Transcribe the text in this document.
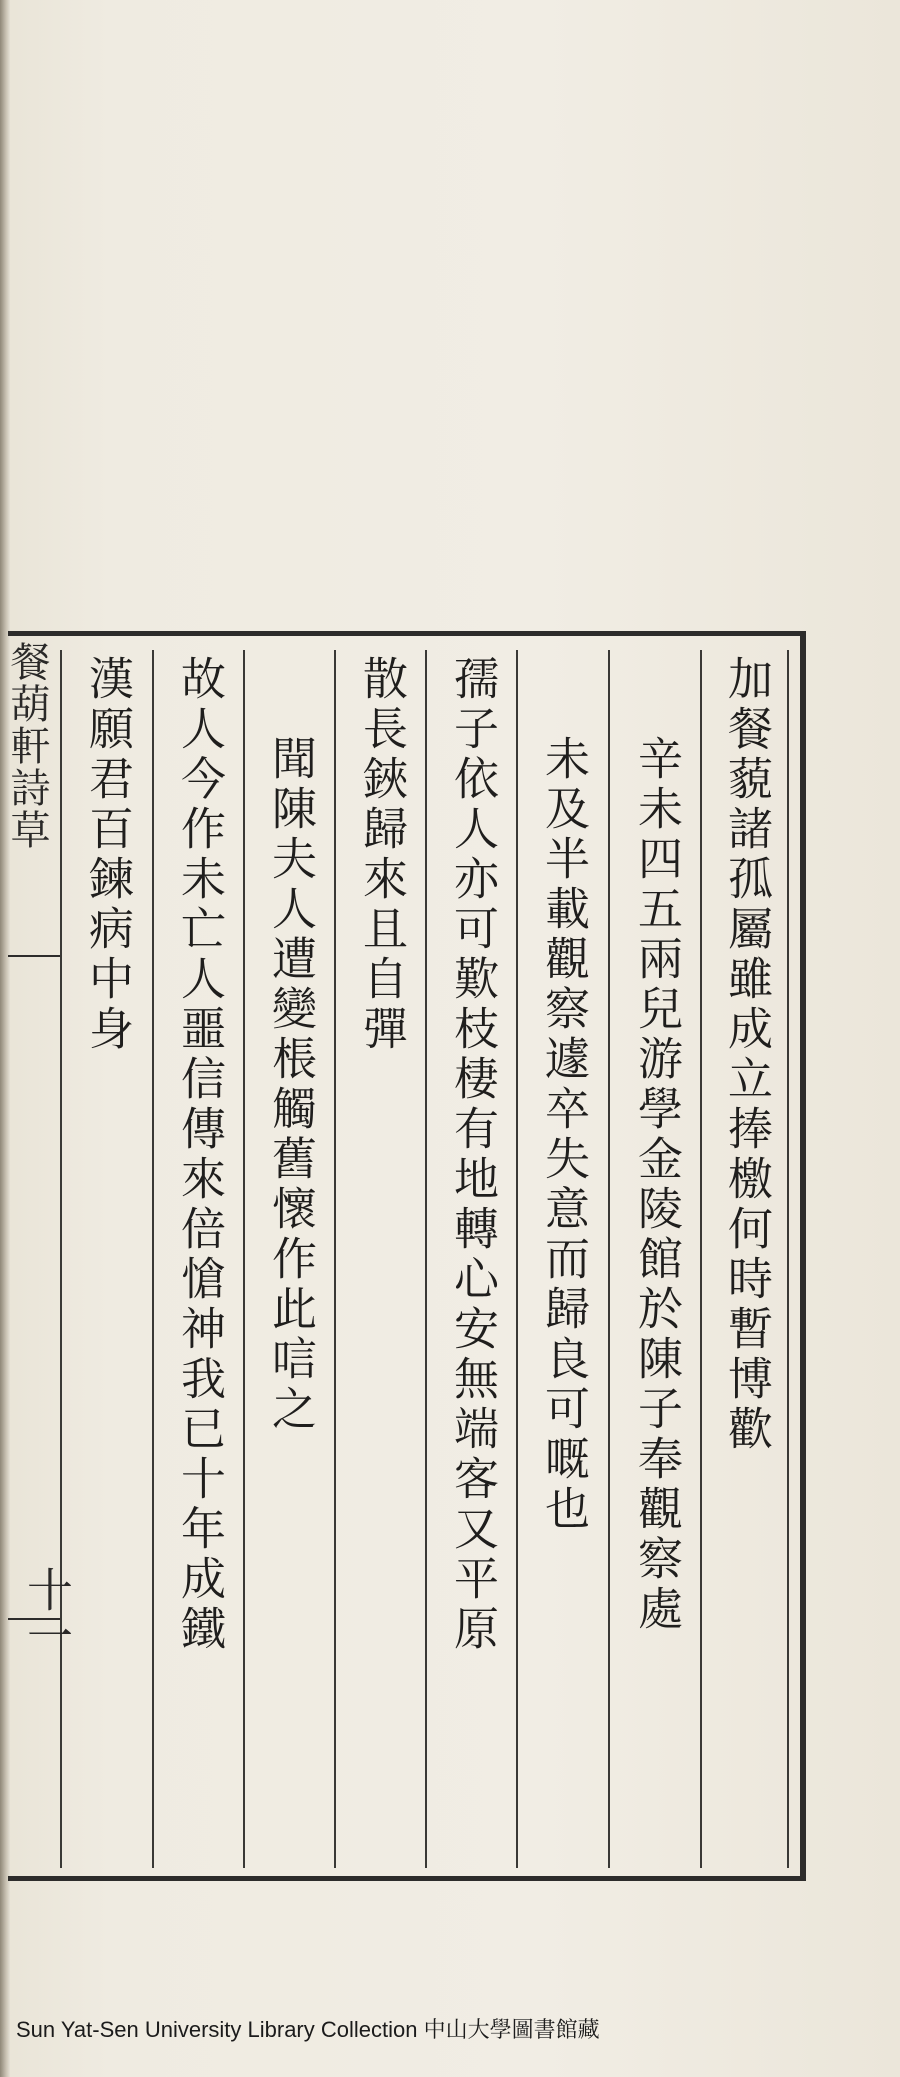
餐葫軒詩草
十一
加餐藐諸孤屬雖成立捧檄何時暫博歡
辛未四五兩兒游學金陵館於陳子奉觀察處
未及半載觀察遽卒失意而歸良可嘅也
孺子依人亦可歎枝棲有地轉心安無端客又平原
散長鋏歸來且自彈
聞陳夫人遭變棖觸舊懷作此唁之
故人今作未亡人噩信傳來倍愴神我已十年成鐵
漢願君百鍊病中身
Sun Yat-Sen University Library Collection 中山大學圖書館藏
